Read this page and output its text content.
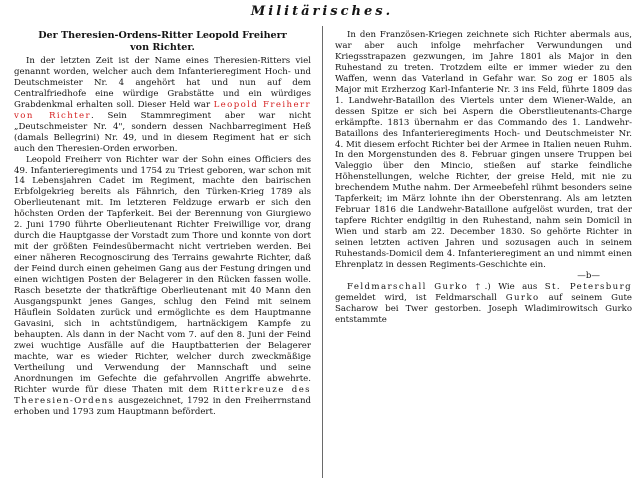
Militärisches.
Der Theresien-Ordens-Ritter Leopold Freiherr
von Richter.

In der letzten Zeit ist der Name eines Theresien-Ritters viel genannt worden, welcher auch dem Infanterieregiment Hoch- und Deutschmeister Nr. 4 angehört hat und nun auf dem Centralfriedhofe eine würdige Grabstätte und ein würdiges Grabdenkmal erhalten soll. Dieser Held war Leopold Freiherr von Richter. Sein Stammregiment aber war nicht „Deutschmeister Nr. 4", sondern dessen Nachbarregiment Heß (damals Bellegrini) Nr. 49, und in diesem Regiment hat er sich auch den Theresien-Orden erworben.

Leopold Freiherr von Richter war der Sohn eines Officiers des 49. Infanterieregiments und 1754 zu Triest geboren, war schon mit 14 Lebensjahren Cadet im Regiment, machte den bairischen Erbfolgekrieg bereits als Fähnrich, den Türken-Krieg 1789 als Oberlieutenant mit. Im letzteren Feldzuge erwarb er sich den höchsten Orden der Tapferkeit. Bei der Berennung von Giurgiewo 2. Juni 1790 führte Oberlieutenant Richter Freiwillige vor, drang durch die Hauptgasse der Vorstadt zum Thore und konnte von dort mit der größten Feindesübermacht nicht vertrieben werden. Bei einer näheren Recognoscirung des Terrains gewahrte Richter, daß der Feind durch einen geheimen Gang aus der Festung dringen und einen wichtigen Posten der Belagerer in den Rücken fassen wolle. Rasch besetzte der thatkräftige Oberlieutenant mit 40 Mann den Ausgangspunkt jenes Ganges, schlug den Feind mit seinem Häuflein Soldaten zurück und ermöglichte es dem Hauptmanne Gavasini, sich in achtstündigem, hartnäckigem Kampfe zu behaupten. Als dann in der Nacht vom 7. auf den 8. Juni der Feind zwei wuchtige Ausfälle auf die Hauptbatterien der Belagerer machte, war es wieder Richter, welcher durch zweckmäßige Vertheilung und Verwendung der Mannschaft und seine Anordnungen im Gefechte die gefahrvollen Angriffe abwehrte. Richter wurde für diese Thaten mit dem Ritterkreuze des Theresien-Ordens ausgezeichnet, 1792 in den Freiherrnstand erhoben und 1793 zum Hauptmann befördert.

In den Französen-Kriegen zeichnete sich Richter abermals aus, war aber auch infolge mehrfacher Verwundungen und Kriegsstrapazen gezwungen, im Jahre 1801 als Major in den Ruhestand zu treten. Trotzdem eilte er immer wieder zu den Waffen, wenn das Vaterland in Gefahr war. So zog er 1805 als Major mit Erzherzog Karl-Infanterie Nr. 3 ins Feld, führte 1809 das 1. Landwehr-Bataillon des Viertels unter dem Wiener-Walde, an dessen Spitze er sich bei Aspern die Oberstlieutenants-Charge erkämpfte. 1813 übernahm er das Commando des 1. Landwehr-Bataillons des Infanterieregiments Hoch- und Deutschmeister Nr. 4. Mit diesem erfocht Richter bei der Armee in Italien neuen Ruhm. In den Morgenstunden des 8. Februar gingen unsere Truppen bei Valeggio über den Mincio, stießen auf starke feindliche Höhenstellungen, welche Richter, der greise Held, mit nie zu brechendem Muthe nahm. Der Armeebefehl rühmt besonders seine Tapferkeit; im März lohnte ihn der Oberstenrang. Als am letzten Februar 1816 die Landwehr-Bataillone aufgelöst wurden, trat der tapfere Richter endgiltig in den Ruhestand, nahm sein Domicil in Wien und starb am 22. December 1830. So gehörte Richter in seinen letzten activen Jahren und sozusagen auch in seinem Ruhestands-Domicil dem 4. Infanterieregiment an und nimmt einen Ehrenplatz in dessen Regiments-Geschichte ein.

—b—

Feldmarschall Gurko †.) Wie aus St. Petersburg gemeldet wird, ist Feldmarschall Gurko auf seinem Gute Sacharow bei Twer gestorben. Joseph Wladimirowitsch Gurko entstammte
